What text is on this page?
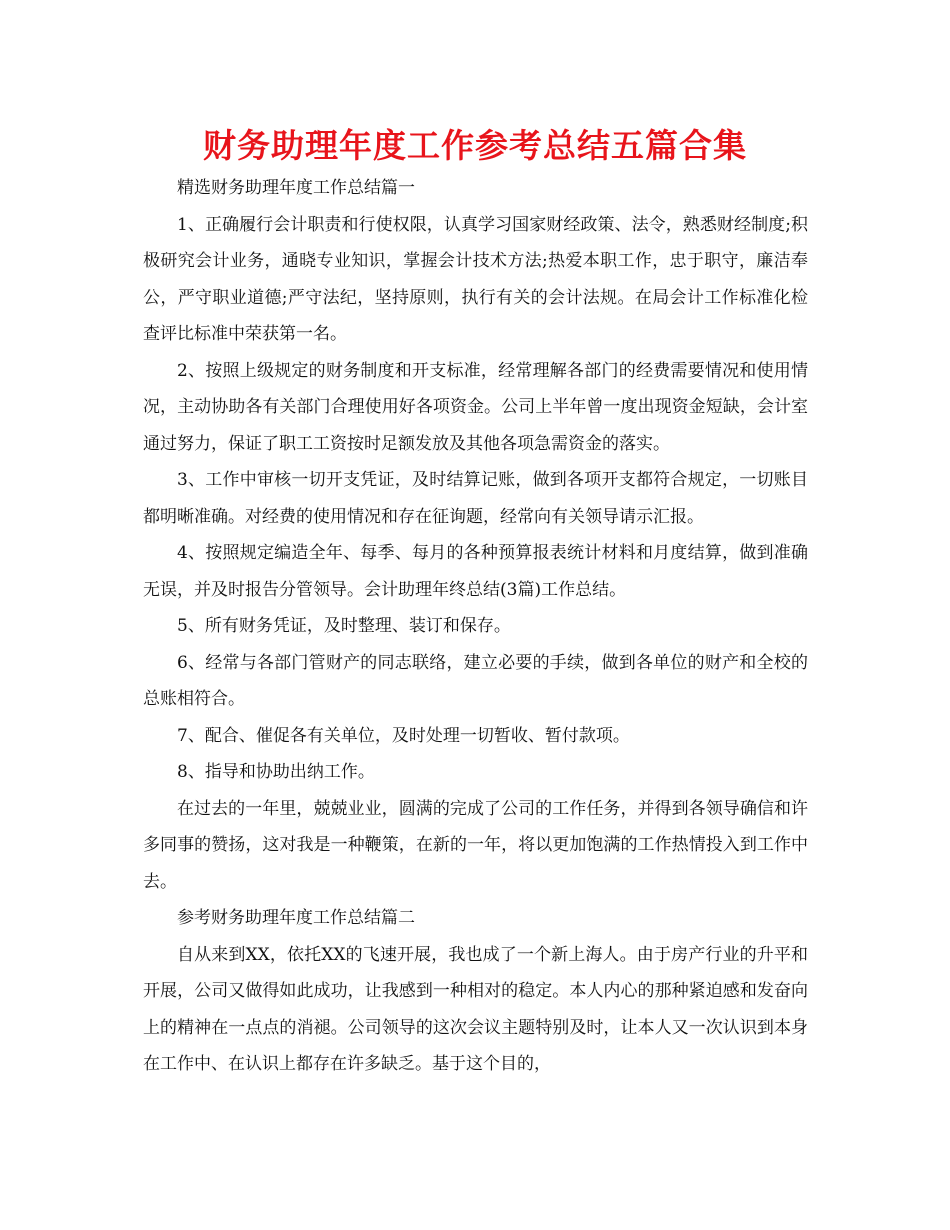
财务助理年度工作参考总结五篇合集

精选财务助理年度工作总结篇一

1、正确履行会计职责和行使权限，认真学习国家财经政策、法令，熟悉财经制度;积极研究会计业务，通晓专业知识，掌握会计技术方法;热爱本职工作，忠于职守，廉洁奉公，严守职业道德;严守法纪，坚持原则，执行有关的会计法规。在局会计工作标准化检查评比标准中荣获第一名。

2、按照上级规定的财务制度和开支标准，经常理解各部门的经费需要情况和使用情况，主动协助各有关部门合理使用好各项资金。公司上半年曾一度出现资金短缺，会计室通过努力，保证了职工工资按时足额发放及其他各项急需资金的落实。

3、工作中审核一切开支凭证，及时结算记账，做到各项开支都符合规定，一切账目都明晰准确。对经费的使用情况和存在征询题，经常向有关领导请示汇报。

4、按照规定编造全年、每季、每月的各种预算报表统计材料和月度结算，做到准确无误，并及时报告分管领导。会计助理年终总结(3篇)工作总结。

5、所有财务凭证，及时整理、装订和保存。

6、经常与各部门管财产的同志联络，建立必要的手续，做到各单位的财产和全校的总账相符合。

7、配合、催促各有关单位，及时处理一切暂收、暂付款项。

8、指导和协助出纳工作。

在过去的一年里，兢兢业业，圆满的完成了公司的工作任务，并得到各领导确信和许多同事的赞扬，这对我是一种鞭策，在新的一年，将以更加饱满的工作热情投入到工作中去。

参考财务助理年度工作总结篇二

自从来到XX，依托XX的飞速开展，我也成了一个新上海人。由于房产行业的升平和开展，公司又做得如此成功，让我感到一种相对的稳定。本人内心的那种紧迫感和发奋向上的精神在一点点的消褪。公司领导的这次会议主题特别及时，让本人又一次认识到本身在工作中、在认识上都存在许多缺乏。基于这个目的，
